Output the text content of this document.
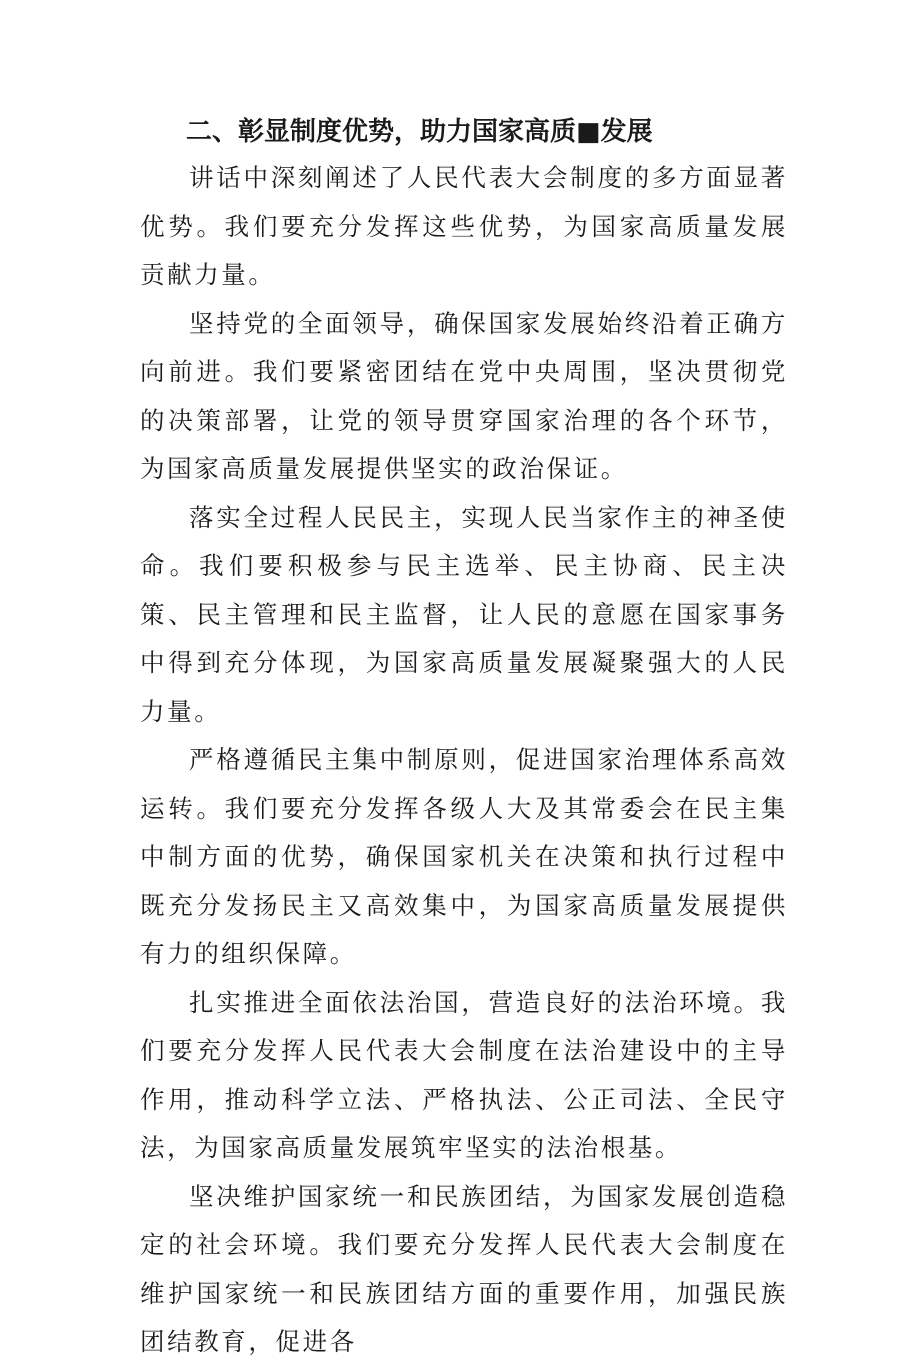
二、彰显制度优势，助力国家高质■发展

讲话中深刻阐述了人民代表大会制度的多方面显著优势。我们要充分发挥这些优势，为国家高质量发展贡献力量。

坚持党的全面领导，确保国家发展始终沿着正确方向前进。我们要紧密团结在党中央周围，坚决贯彻党的决策部署，让党的领导贯穿国家治理的各个环节，为国家高质量发展提供坚实的政治保证。

落实全过程人民民主，实现人民当家作主的神圣使命。我们要积极参与民主选举、民主协商、民主决策、民主管理和民主监督，让人民的意愿在国家事务中得到充分体现，为国家高质量发展凝聚强大的人民力量。

严格遵循民主集中制原则，促进国家治理体系高效运转。我们要充分发挥各级人大及其常委会在民主集中制方面的优势，确保国家机关在决策和执行过程中既充分发扬民主又高效集中，为国家高质量发展提供有力的组织保障。

扎实推进全面依法治国，营造良好的法治环境。我们要充分发挥人民代表大会制度在法治建设中的主导作用，推动科学立法、严格执法、公正司法、全民守法，为国家高质量发展筑牢坚实的法治根基。

坚决维护国家统一和民族团结，为国家发展创造稳定的社会环境。我们要充分发挥人民代表大会制度在维护国家统一和民族团结方面的重要作用，加强民族团结教育，促进各
